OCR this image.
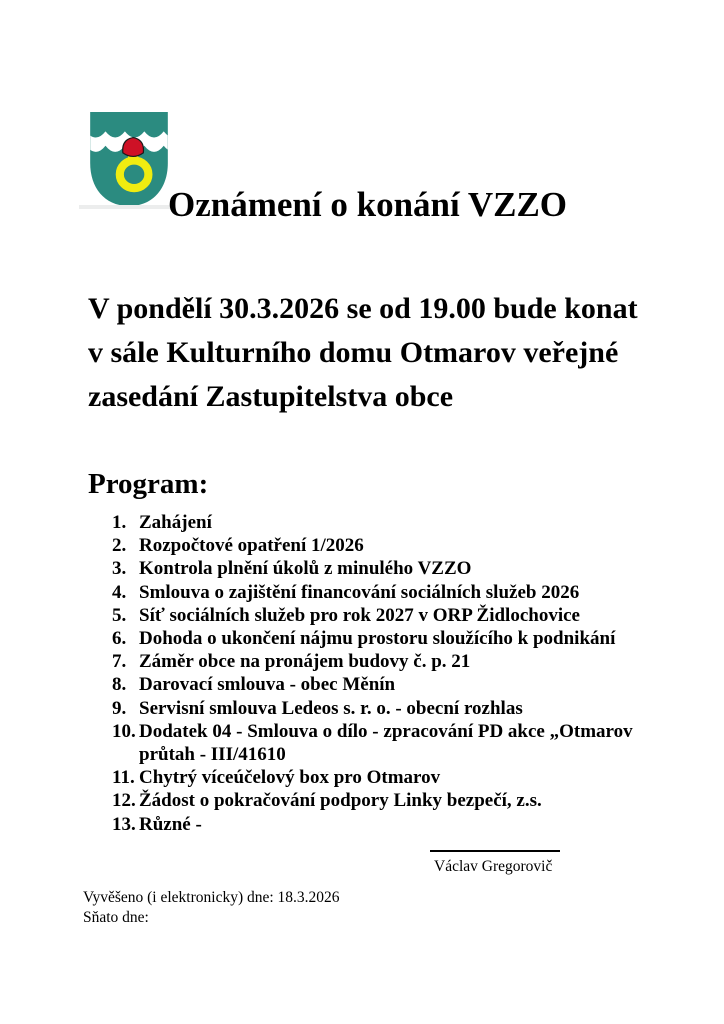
Oznámení o konání VZZO
V pondělí 30.3.2026 se od 19.00 bude konat
v sále Kulturního domu Otmarov veřejné
zasedání Zastupitelstva obce
Program:
1. Zahájení
2. Rozpočtové opatření 1/2026
3. Kontrola plnění úkolů z minulého VZZO
4. Smlouva o zajištění financování sociálních služeb 2026
5. Síť sociálních služeb pro rok 2027 v ORP Židlochovice
6. Dohoda o ukončení nájmu prostoru sloužícího k podnikání
7. Záměr obce na pronájem budovy č. p. 21
8. Darovací smlouva - obec Měnín
9. Servisní smlouva Ledeos s. r. o. - obecní rozhlas
10. Dodatek 04 - Smlouva o dílo - zpracování PD akce „Otmarov
průtah - III/41610
11. Chytrý víceúčelový box pro Otmarov
12. Žádost o pokračování podpory Linky bezpečí, z.s.
13. Různé -
Václav Gregorovič
Vyvěšeno (i elektronicky) dne: 18.3.2026
Sňato dne:
